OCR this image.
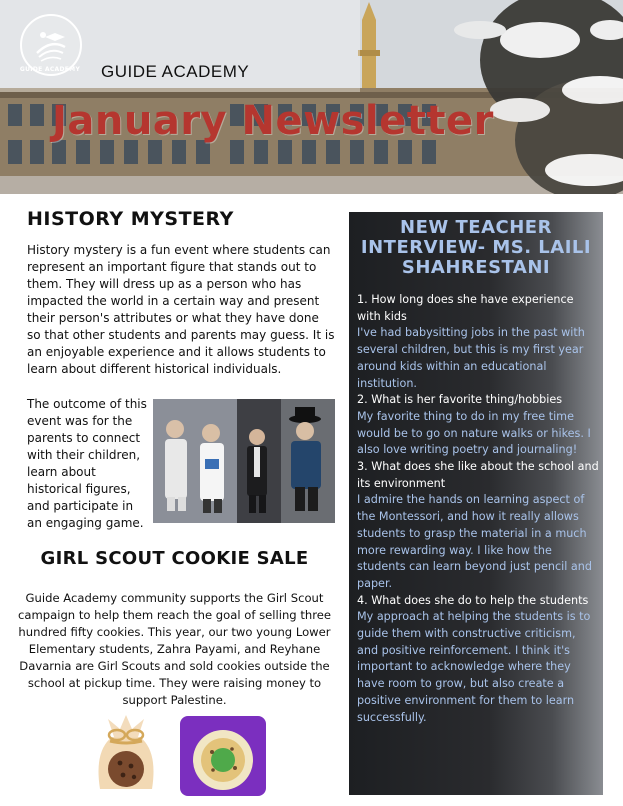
GUIDE ACADEMY	GUIDE ACADEMY
January Newsletter
HISTORY MYSTERY

History mystery is a fun event where students can represent an important figure that stands out to them. They will dress up as a person who has impacted the world in a certain way and present their person's attributes or what they have done so that other students and parents may guess. It is an enjoyable experience and it allows students to learn about different historical individuals.

The outcome of this event was for the parents to connect with their children, learn about historical figures, and participate in an engaging game.

GIRL SCOUT COOKIE SALE

Guide Academy community supports the Girl Scout campaign to help them reach the goal of selling three hundred fifty cookies. This year, our two young Lower Elementary students, Zahra Payami, and Reyhane Davarnia are Girl Scouts and sold cookies outside the school at pickup time. They were raising money to support Palestine.

NEW TEACHER INTERVIEW- MS. LAILI SHAHRESTANI

1. How long does she have experience with kids

I've had babysitting jobs in the past with several children, but this is my first year around kids within an educational institution.

2. What is her favorite thing/hobbies

My favorite thing to do in my free time would be to go on nature walks or hikes. I also love writing poetry and journaling!

3. What does she like about the school and its environment

I admire the hands on learning aspect of the Montessori, and how it really allows students to grasp the material in a much more rewarding way. I like how the students can learn beyond just pencil and paper.

4. What does she do to help the students

My approach at helping the students is to guide them with constructive criticism, and positive reinforcement. I think it's important to acknowledge where they have room to grow, but also create a positive environment for them to learn successfully.
